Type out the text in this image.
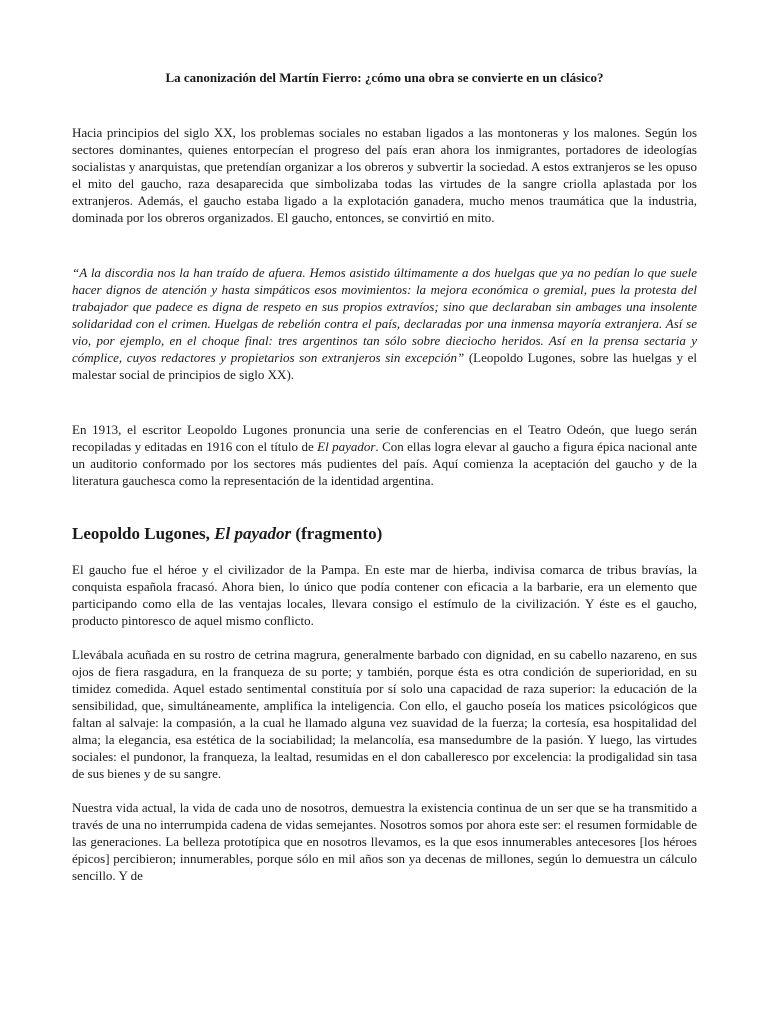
La canonización del Martín Fierro: ¿cómo una obra se convierte en un clásico?

Hacia principios del siglo XX, los problemas sociales no estaban ligados a las montoneras y los malones. Según los sectores dominantes, quienes entorpecían el progreso del país eran ahora los inmigrantes, portadores de ideologías socialistas y anarquistas, que pretendían organizar a los obreros y subvertir la sociedad. A estos extranjeros se les opuso el mito del gaucho, raza desaparecida que simbolizaba todas las virtudes de la sangre criolla aplastada por los extranjeros. Además, el gaucho estaba ligado a la explotación ganadera, mucho menos traumática que la industria, dominada por los obreros organizados. El gaucho, entonces, se convirtió en mito.

“A la discordia nos la han traído de afuera. Hemos asistido últimamente a dos huelgas que ya no pedían lo que suele hacer dignos de atención y hasta simpáticos esos movimientos: la mejora económica o gremial, pues la protesta del trabajador que padece es digna de respeto en sus propios extravíos; sino que declaraban sin ambages una insolente solidaridad con el crimen. Huelgas de rebelión contra el país, declaradas por una inmensa mayoría extranjera. Así se vio, por ejemplo, en el choque final: tres argentinos tan sólo sobre dieciocho heridos. Así en la prensa sectaria y cómplice, cuyos redactores y propietarios son extranjeros sin excepción” (Leopoldo Lugones, sobre las huelgas y el malestar social de principios de siglo XX).

En 1913, el escritor Leopoldo Lugones pronuncia una serie de conferencias en el Teatro Odeón, que luego serán recopiladas y editadas en 1916 con el título de El payador. Con ellas logra elevar al gaucho a figura épica nacional ante un auditorio conformado por los sectores más pudientes del país. Aquí comienza la aceptación del gaucho y de la literatura gauchesca como la representación de la identidad argentina.

Leopoldo Lugones, El payador (fragmento)

El gaucho fue el héroe y el civilizador de la Pampa. En este mar de hierba, indivisa comarca de tribus bravías, la conquista española fracasó. Ahora bien, lo único que podía contener con eficacia a la barbarie, era un elemento que participando como ella de las ventajas locales, llevara consigo el estímulo de la civilización. Y éste es el gaucho, producto pintoresco de aquel mismo conflicto.

Llevábala acuñada en su rostro de cetrina magrura, generalmente barbado con dignidad, en su cabello nazareno, en sus ojos de fiera rasgadura, en la franqueza de su porte; y también, porque ésta es otra condición de superioridad, en su timidez comedida. Aquel estado sentimental constituía por sí solo una capacidad de raza superior: la educación de la sensibilidad, que, simultáneamente, amplifica la inteligencia. Con ello, el gaucho poseía los matices psicológicos que faltan al salvaje: la compasión, a la cual he llamado alguna vez suavidad de la fuerza; la cortesía, esa hospitalidad del alma; la elegancia, esa estética de la sociabilidad; la melancolía, esa mansedumbre de la pasión. Y luego, las virtudes sociales: el pundonor, la franqueza, la lealtad, resumidas en el don caballeresco por excelencia: la prodigalidad sin tasa de sus bienes y de su sangre.

Nuestra vida actual, la vida de cada uno de nosotros, demuestra la existencia continua de un ser que se ha transmitido a través de una no interrumpida cadena de vidas semejantes. Nosotros somos por ahora este ser: el resumen formidable de las generaciones. La belleza prototípica que en nosotros llevamos, es la que esos innumerables antecesores [los héroes épicos] percibieron; innumerables, porque sólo en mil años son ya decenas de millones, según lo demuestra un cálculo sencillo. Y de
